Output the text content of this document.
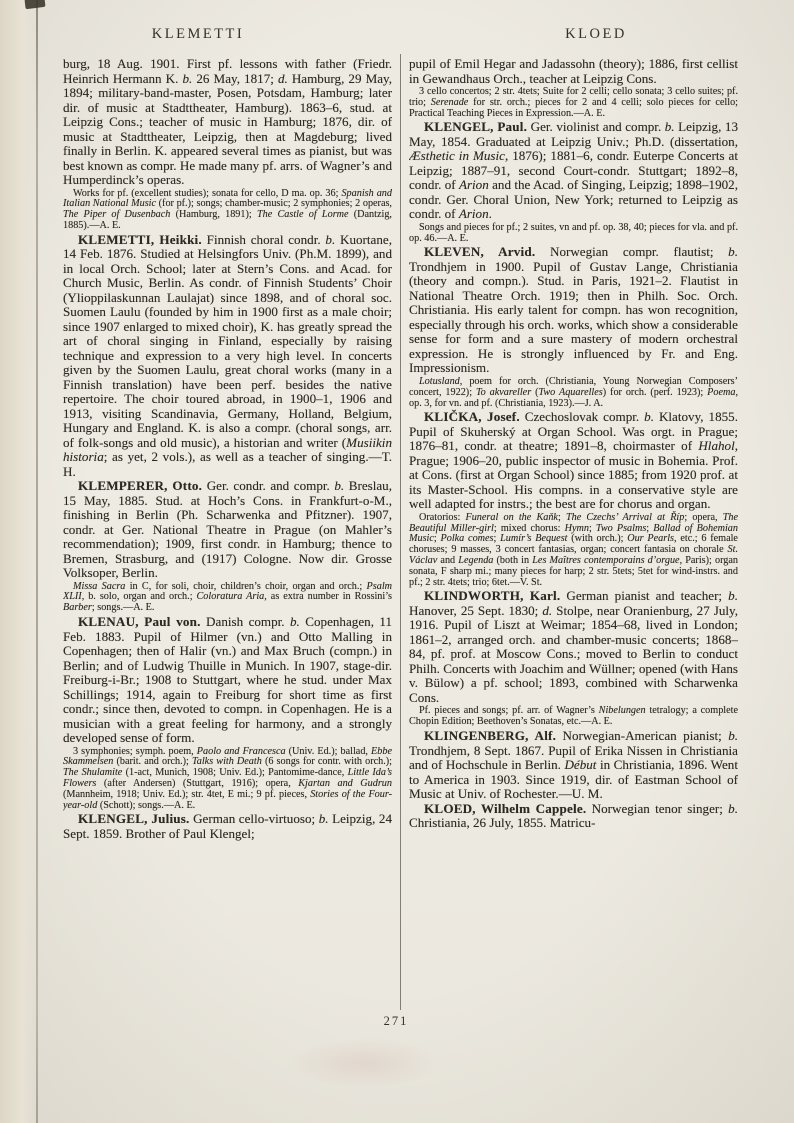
KLEMETTI	KLOED

burg, 18 Aug. 1901. First pf. lessons with father (Friedr. Heinrich Hermann K. b. 26 May, 1817; d. Hamburg, 29 May, 1894; military-band-master, Posen, Potsdam, Hamburg; later dir. of music at Stadttheater, Hamburg). 1863–6, stud. at Leipzig Cons.; teacher of music in Hamburg; 1876, dir. of music at Stadttheater, Leipzig, then at Magdeburg; lived finally in Berlin. K. appeared several times as pianist, but was best known as compr. He made many pf. arrs. of Wagner’s and Humperdinck’s operas.

Works for pf. (excellent studies); sonata for cello, D ma. op. 36; Spanish and Italian National Music (for pf.); songs; chamber-music; 2 symphonies; 2 operas, The Piper of Dusenbach (Hamburg, 1891); The Castle of Lorme (Dantzig, 1885).—A. E.

KLEMETTI, Heikki. Finnish choral condr. b. Kuortane, 14 Feb. 1876. Studied at Helsingfors Univ. (Ph.M. 1899), and in local Orch. School; later at Stern’s Cons. and Acad. for Church Music, Berlin. As condr. of Finnish Students’ Choir (Ylioppilaskunnan Laulajat) since 1898, and of choral soc. Suomen Laulu (founded by him in 1900 first as a male choir; since 1907 enlarged to mixed choir), K. has greatly spread the art of choral singing in Finland, especially by raising technique and expression to a very high level. In concerts given by the Suomen Laulu, great choral works (many in a Finnish translation) have been perf. besides the native repertoire. The choir toured abroad, in 1900–1, 1906 and 1913, visiting Scandinavia, Germany, Holland, Belgium, Hungary and England. K. is also a compr. (choral songs, arr. of folk-songs and old music), a historian and writer (Musiikin historia; as yet, 2 vols.), as well as a teacher of singing.—T. H.

KLEMPERER, Otto. Ger. condr. and compr. b. Breslau, 15 May, 1885. Stud. at Hoch’s Cons. in Frankfurt-o-M., finishing in Berlin (Ph. Scharwenka and Pfitzner). 1907, condr. at Ger. National Theatre in Prague (on Mahler’s recommendation); 1909, first condr. in Hamburg; thence to Bremen, Strasburg, and (1917) Cologne. Now dir. Grosse Volksoper, Berlin.

Missa Sacra in C, for soli, choir, children’s choir, organ and orch.; Psalm XLII, b. solo, organ and orch.; Coloratura Aria, as extra number in Rossini’s Barber; songs.—A. E.

KLENAU, Paul von. Danish compr. b. Copenhagen, 11 Feb. 1883. Pupil of Hilmer (vn.) and Otto Malling in Copenhagen; then of Halir (vn.) and Max Bruch (compn.) in Berlin; and of Ludwig Thuille in Munich. In 1907, stage-dir. Freiburg-i-Br.; 1908 to Stuttgart, where he stud. under Max Schillings; 1914, again to Freiburg for short time as first condr.; since then, devoted to compn. in Copenhagen. He is a musician with a great feeling for harmony, and a strongly developed sense of form.

3 symphonies; symph. poem, Paolo and Francesca (Univ. Ed.); ballad, Ebbe Skammelsen (barit. and orch.); Talks with Death (6 songs for contr. with orch.); The Shulamite (1-act, Munich, 1908; Univ. Ed.); Pantomime-dance, Little Ida’s Flowers (after Andersen) (Stuttgart, 1916); opera, Kjartan and Gudrun (Mannheim, 1918; Univ. Ed.); str. 4tet, E mi.; 9 pf. pieces, Stories of the Four-year-old (Schott); songs.—A. E.

KLENGEL, Julius. German cello-virtuoso; b. Leipzig, 24 Sept. 1859. Brother of Paul Klengel;

pupil of Emil Hegar and Jadassohn (theory); 1886, first cellist in Gewandhaus Orch., teacher at Leipzig Cons.

3 cello concertos; 2 str. 4tets; Suite for 2 celli; cello sonata; 3 cello suites; pf. trio; Serenade for str. orch.; pieces for 2 and 4 celli; solo pieces for cello; Practical Teaching Pieces in Expression.—A. E.

KLENGEL, Paul. Ger. violinist and compr. b. Leipzig, 13 May, 1854. Graduated at Leipzig Univ.; Ph.D. (dissertation, Æsthetic in Music, 1876); 1881–6, condr. Euterpe Concerts at Leipzig; 1887–91, second Court-condr. Stuttgart; 1892–8, condr. of Arion and the Acad. of Singing, Leipzig; 1898–1902, condr. Ger. Choral Union, New York; returned to Leipzig as condr. of Arion.

Songs and pieces for pf.; 2 suites, vn and pf. op. 38, 40; pieces for vla. and pf. op. 46.—A. E.

KLEVEN, Arvid. Norwegian compr. flautist; b. Trondhjem in 1900. Pupil of Gustav Lange, Christiania (theory and compn.). Stud. in Paris, 1921–2. Flautist in National Theatre Orch. 1919; then in Philh. Soc. Orch. Christiania. His early talent for compn. has won recognition, especially through his orch. works, which show a considerable sense for form and a sure mastery of modern orchestral expression. He is strongly influenced by Fr. and Eng. Impressionism.

Lotusland, poem for orch. (Christiania, Young Norwegian Composers’ concert, 1922); To akvareller (Two Aquarelles) for orch. (perf. 1923); Poema, op. 3, for vn. and pf. (Christiania, 1923).—J. A.

KLIČKA, Josef. Czechoslovak compr. b. Klatovy, 1855. Pupil of Skuherský at Organ School. Was orgt. in Prague; 1876–81, condr. at theatre; 1891–8, choirmaster of Hlahol, Prague; 1906–20, public inspector of music in Bohemia. Prof. at Cons. (first at Organ School) since 1885; from 1920 prof. at its Master-School. His compns. in a conservative style are well adapted for instrs.; the best are for chorus and organ.

Oratorios: Funeral on the Kaňk; The Czechs’ Arrival at Říp; opera, The Beautiful Miller-girl; mixed chorus: Hymn; Two Psalms; Ballad of Bohemian Music; Polka comes; Lumír’s Bequest (with orch.); Our Pearls, etc.; 6 female choruses; 9 masses, 3 concert fantasias, organ; concert fantasia on chorale St. Václav and Legenda (both in Les Maîtres contemporains d’orgue, Paris); organ sonata, F sharp mi.; many pieces for harp; 2 str. 5tets; 5tet for wind-instrs. and pf.; 2 str. 4tets; trio; 6tet.—V. St.

KLINDWORTH, Karl. German pianist and teacher; b. Hanover, 25 Sept. 1830; d. Stolpe, near Oranienburg, 27 July, 1916. Pupil of Liszt at Weimar; 1854–68, lived in London; 1861–2, arranged orch. and chamber-music concerts; 1868–84, pf. prof. at Moscow Cons.; moved to Berlin to conduct Philh. Concerts with Joachim and Wüllner; opened (with Hans v. Bülow) a pf. school; 1893, combined with Scharwenka Cons.

Pf. pieces and songs; pf. arr. of Wagner’s Nibelungen tetralogy; a complete Chopin Edition; Beethoven’s Sonatas, etc.—A. E.

KLINGENBERG, Alf. Norwegian-American pianist; b. Trondhjem, 8 Sept. 1867. Pupil of Erika Nissen in Christiania and of Hochschule in Berlin. Début in Christiania, 1896. Went to America in 1903. Since 1919, dir. of Eastman School of Music at Univ. of Rochester.—U. M.

KLOED, Wilhelm Cappele. Norwegian tenor singer; b. Christiania, 26 July, 1855. Matricu-

271
